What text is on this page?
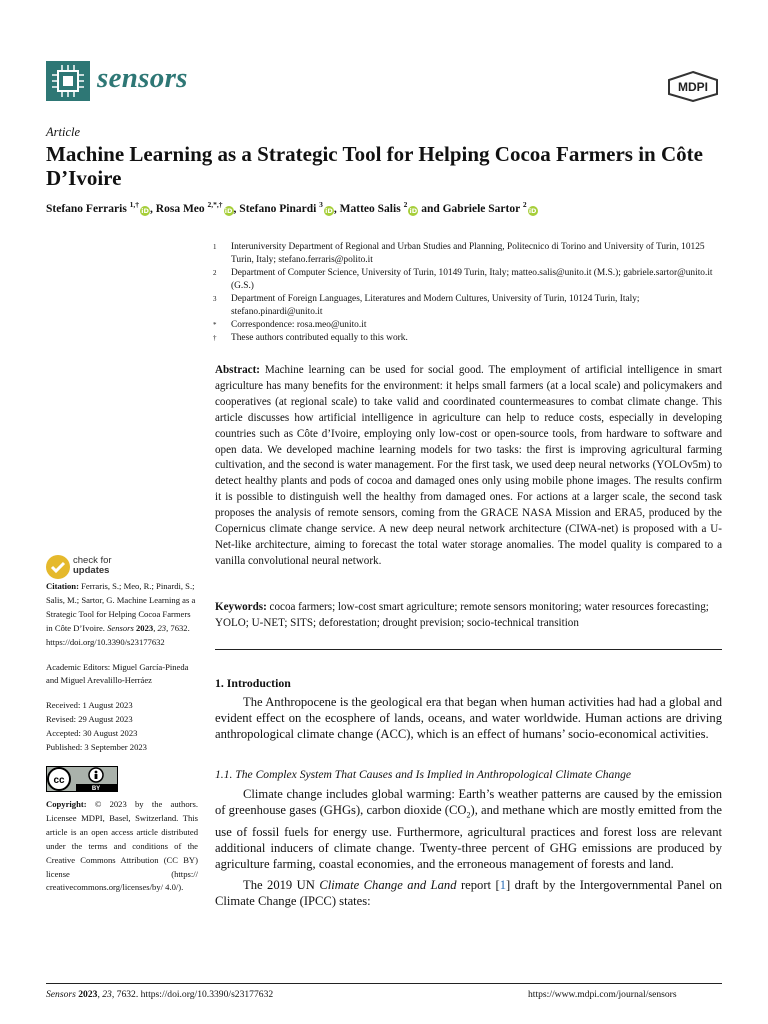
sensors	MDPI
Article
Machine Learning as a Strategic Tool for Helping Cocoa Farmers in Côte D’Ivoire
Stefano Ferraris $^{1,\dagger}$iD, Rosa Meo $^{2,*,\dagger}$iD, Stefano Pinardi $^3$iD, Matteo Salis $^2$iD and Gabriele Sartor $^2$iD
1	Interuniversity Department of Regional and Urban Studies and Planning, Politecnico di Torino and University of Turin, 10125 Turin, Italy; stefano.ferraris@polito.it
2	Department of Computer Science, University of Turin, 10149 Turin, Italy; matteo.salis@unito.it (M.S.); gabriele.sartor@unito.it (G.S.)
3	Department of Foreign Languages, Literatures and Modern Cultures, University of Turin, 10124 Turin, Italy; stefano.pinardi@unito.it
*	Correspondence: rosa.meo@unito.it
†	These authors contributed equally to this work.
Abstract: Machine learning can be used for social good. The employment of artificial intelligence in smart agriculture has many benefits for the environment: it helps small farmers (at a local scale) and policymakers and cooperatives (at regional scale) to take valid and coordinated countermeasures to combat climate change. This article discusses how artificial intelligence in agriculture can help to reduce costs, especially in developing countries such as Côte d’Ivoire, employing only low-cost or open-source tools, from hardware to software and open data. We developed machine learning models for two tasks: the first is improving agricultural farming cultivation, and the second is water management. For the first task, we used deep neural networks (YOLOv5m) to detect healthy plants and pods of cocoa and damaged ones only using mobile phone images. The results confirm it is possible to distinguish well the healthy from damaged ones. For actions at a larger scale, the second task proposes the analysis of remote sensors, coming from the GRACE NASA Mission and ERA5, produced by the Copernicus climate change service. A new deep neural network architecture (CIWA-net) is proposed with a U-Net-like architecture, aiming to forecast the total water storage anomalies. The model quality is compared to a vanilla convolutional neural network.
Keywords: cocoa farmers; low-cost smart agriculture; remote sensors monitoring; water resources forecasting; YOLO; U-NET; SITS; deforestation; drought prevision; socio-technical transition
1. Introduction
The Anthropocene is the geological era that began when human activities had had a global and evident effect on the ecosphere of lands, oceans, and water worldwide. Human actions are driving anthropological climate change (ACC), which is an effect of humans’ socio-economical activities.
1.1. The Complex System That Causes and Is Implied in Anthropological Climate Change
Climate change includes global warming: Earth’s weather patterns are caused by the emission of greenhouse gases (GHGs), carbon dioxide $(CO_2)$, and methane which are mostly emitted from the use of fossil fuels for energy use. Furthermore, agricultural practices and forest loss are relevant additional inducers of climate change. Twenty-three percent of GHG emissions are produced by agriculture farming, coastal economies, and the erroneous management of forests and land.
The 2019 UN Climate Change and Land report [1] draft by the Intergovernmental Panel on Climate Change (IPCC) states:
check for
updates
Citation: Ferraris, S.; Meo, R.; Pinardi, S.; Salis, M.; Sartor, G. Machine Learning as a Strategic Tool for Helping Cocoa Farmers in Côte D’Ivoire. Sensors 2023, 23, 7632. https://doi.org/10.3390/s23177632
Academic Editors: Miguel García-Pineda and Miguel Arevalillo-Herráez
Received: 1 August 2023
Revised: 29 August 2023
Accepted: 30 August 2023
Published: 3 September 2023
cc
BY
Copyright: © 2023 by the authors. Licensee MDPI, Basel, Switzerland. This article is an open access article distributed under the terms and conditions of the Creative Commons Attribution (CC BY) license (https:// creativecommons.org/licenses/by/ 4.0/).
Sensors 2023, 23, 7632. https://doi.org/10.3390/s23177632	https://www.mdpi.com/journal/sensors
